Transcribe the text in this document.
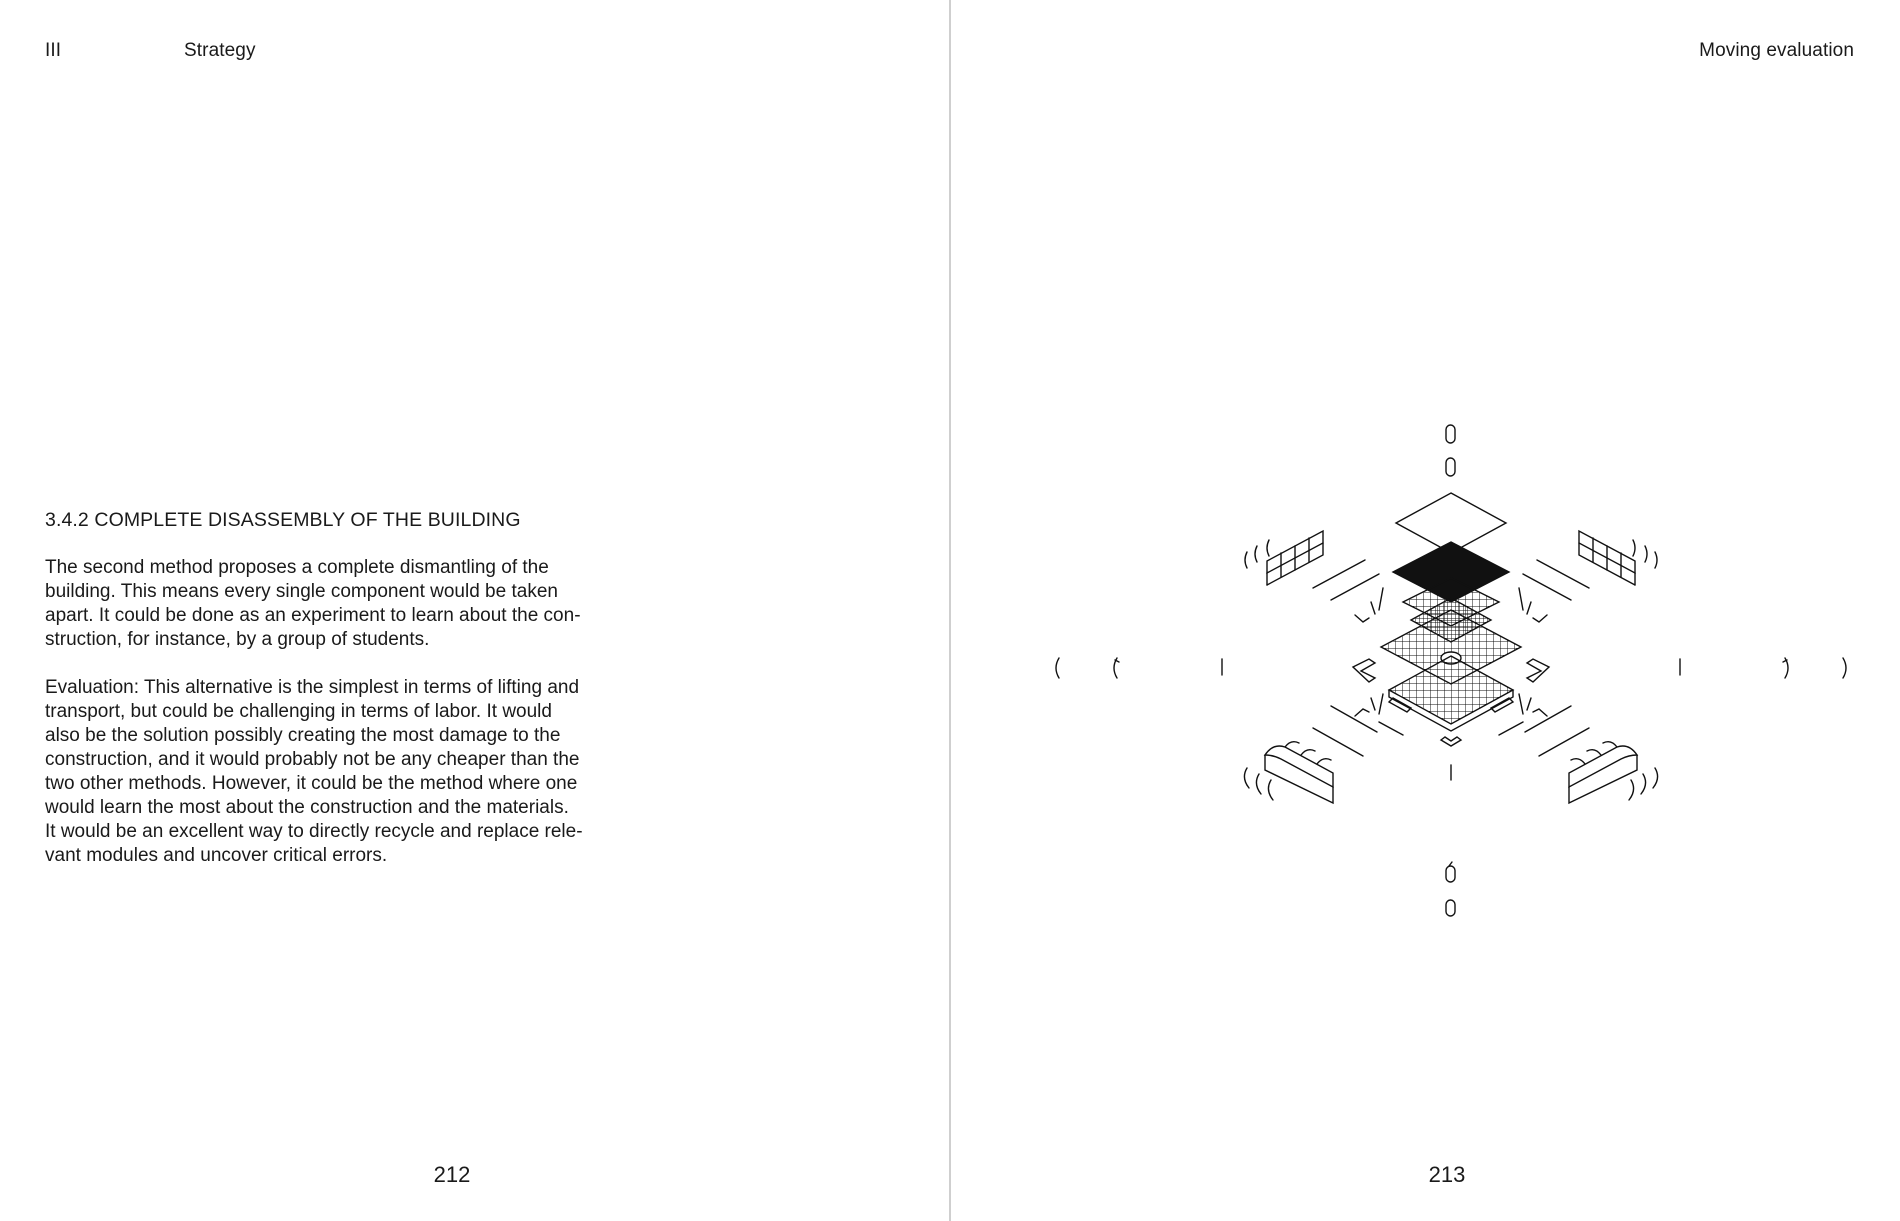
III	Strategy
3.4.2 COMPLETE DISASSEMBLY OF THE BUILDING

The second method proposes a complete dismantling of the
building. This means every single component would be taken
apart. It could be done as an experiment to learn about the con-
struction, for instance, by a group of students.

Evaluation: This alternative is the simplest in terms of lifting and
transport, but could be challenging in terms of labor. It would
also be the solution possibly creating the most damage to the
construction, and it would probably not be any cheaper than the
two other methods. However, it could be the method where one
would learn the most about the construction and the materials.
It would be an excellent way to directly recycle and replace rele-
vant modules and uncover critical errors.

212
Moving evaluation
213
